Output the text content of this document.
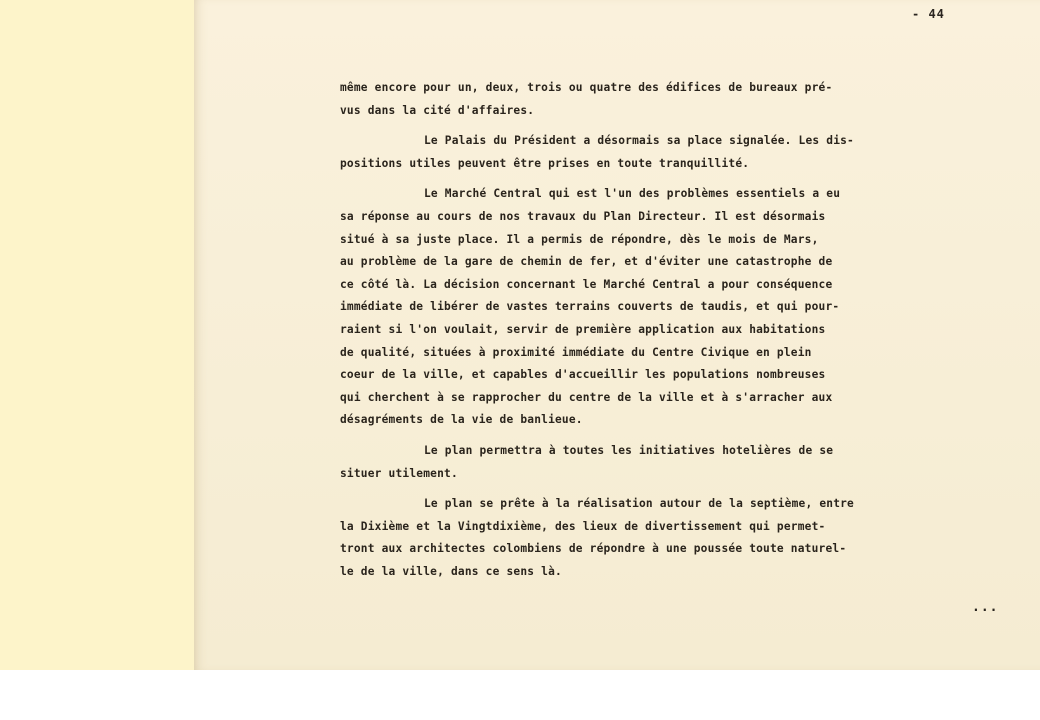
- 44
même encore pour un, deux, trois ou quatre des édifices de bureaux pré-
vus dans la cité d'affaires.
Le Palais du Président a désormais sa place signalée. Les dis-
positions utiles peuvent être prises en toute tranquillité.
Le Marché Central qui est l'un des problèmes essentiels a eu
sa réponse au cours de nos travaux du Plan Directeur. Il est désormais
situé à sa juste place. Il a permis de répondre, dès le mois de Mars,
au problème de la gare de chemin de fer, et d'éviter une catastrophe de
ce côté là. La décision concernant le Marché Central a pour conséquence
immédiate de libérer de vastes terrains couverts de taudis, et qui pour-
raient si l'on voulait, servir de première application aux habitations
de qualité, situées à proximité immédiate du Centre Civique en plein
coeur de la ville, et capables d'accueillir les populations nombreuses
qui cherchent à se rapprocher du centre de la ville et à s'arracher aux
désagréments de la vie de banlieue.
Le plan permettra à toutes les initiatives hotelières de se
situer utilement.
Le plan se prête à la réalisation autour de la septième, entre
la Dixième et la Vingtdixième, des lieux de divertissement qui permet-
tront aux architectes colombiens de répondre à une poussée toute naturel-
le de la ville, dans ce sens là.
...
